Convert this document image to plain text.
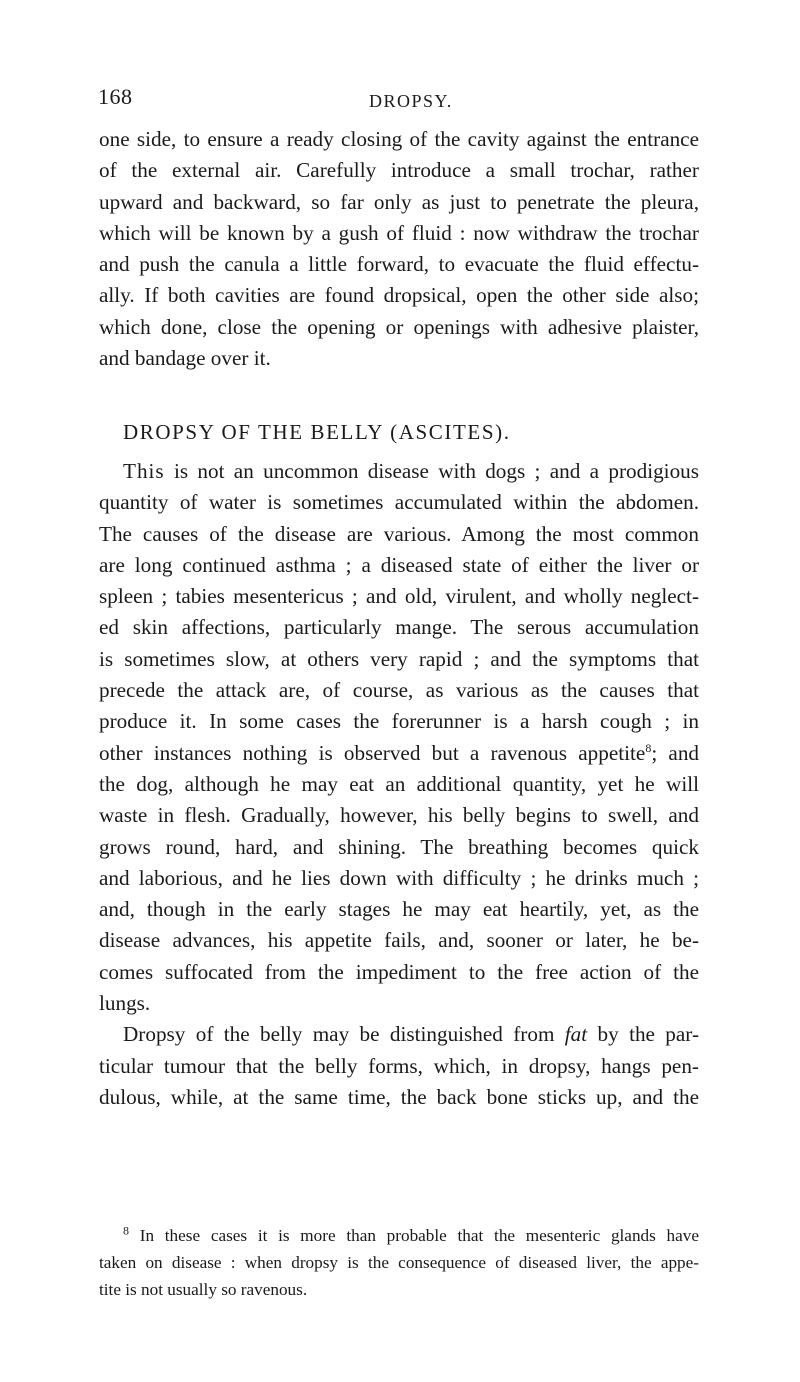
168	DROPSY.
one side, to ensure a ready closing of the cavity against the entrance
of the external air. Carefully introduce a small trochar, rather
upward and backward, so far only as just to penetrate the pleura,
which will be known by a gush of fluid : now withdraw the trochar
and push the canula a little forward, to evacuate the fluid effectu-
ally. If both cavities are found dropsical, open the other side also;
which done, close the opening or openings with adhesive plaister,
and bandage over it.
DROPSY OF THE BELLY (ASCITES).
This is not an uncommon disease with dogs ; and a prodigious
quantity of water is sometimes accumulated within the abdomen.
The causes of the disease are various. Among the most common
are long continued asthma ; a diseased state of either the liver or
spleen ; tabies mesentericus ; and old, virulent, and wholly neglect-
ed skin affections, particularly mange. The serous accumulation
is sometimes slow, at others very rapid ; and the symptoms that
precede the attack are, of course, as various as the causes that
produce it. In some cases the forerunner is a harsh cough ; in
other instances nothing is observed but a ravenous appetite$^8$; and
the dog, although he may eat an additional quantity, yet he will
waste in flesh. Gradually, however, his belly begins to swell, and
grows round, hard, and shining. The breathing becomes quick
and laborious, and he lies down with difficulty ; he drinks much ;
and, though in the early stages he may eat heartily, yet, as the
disease advances, his appetite fails, and, sooner or later, he be-
comes suffocated from the impediment to the free action of the
lungs.
Dropsy of the belly may be distinguished from fat by the par-
ticular tumour that the belly forms, which, in dropsy, hangs pen-
dulous, while, at the same time, the back bone sticks up, and the
$^8$ In these cases it is more than probable that the mesenteric glands have
taken on disease : when dropsy is the consequence of diseased liver, the appe-
tite is not usually so ravenous.
